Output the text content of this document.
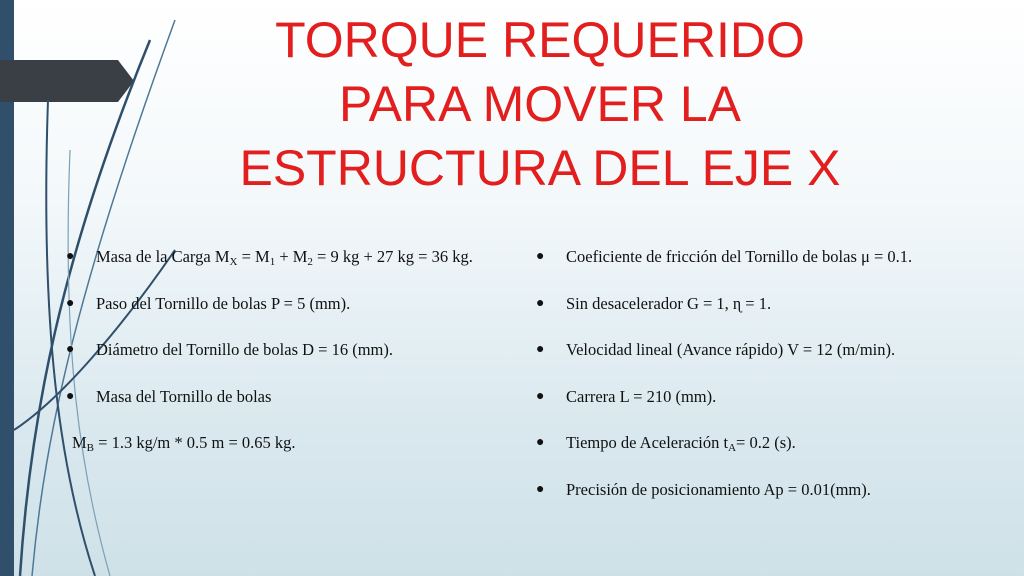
TORQUE REQUERIDO
PARA MOVER LA
ESTRUCTURA DEL EJE X
● Masa de la Carga $M_X = M_1 + M_2 = 9$ kg + 27 kg = 36 kg.
● Paso del Tornillo de bolas P = 5 (mm).
● Diámetro del Tornillo de bolas D = 16 (mm).
● Masa del Tornillo de bolas
$M_B = 1.3$ kg/m * 0.5 m = 0.65 kg.
● Coeficiente de fricción del Tornillo de bolas μ = 0.1.
● Sin desacelerador G = 1, ɳ = 1.
● Velocidad lineal (Avance rápido) V = 12 (m/min).
● Carrera L = 210 (mm).
● Tiempo de Aceleración $t_A= 0.2$ (s).
● Precisión de posicionamiento Ap = 0.01(mm).
